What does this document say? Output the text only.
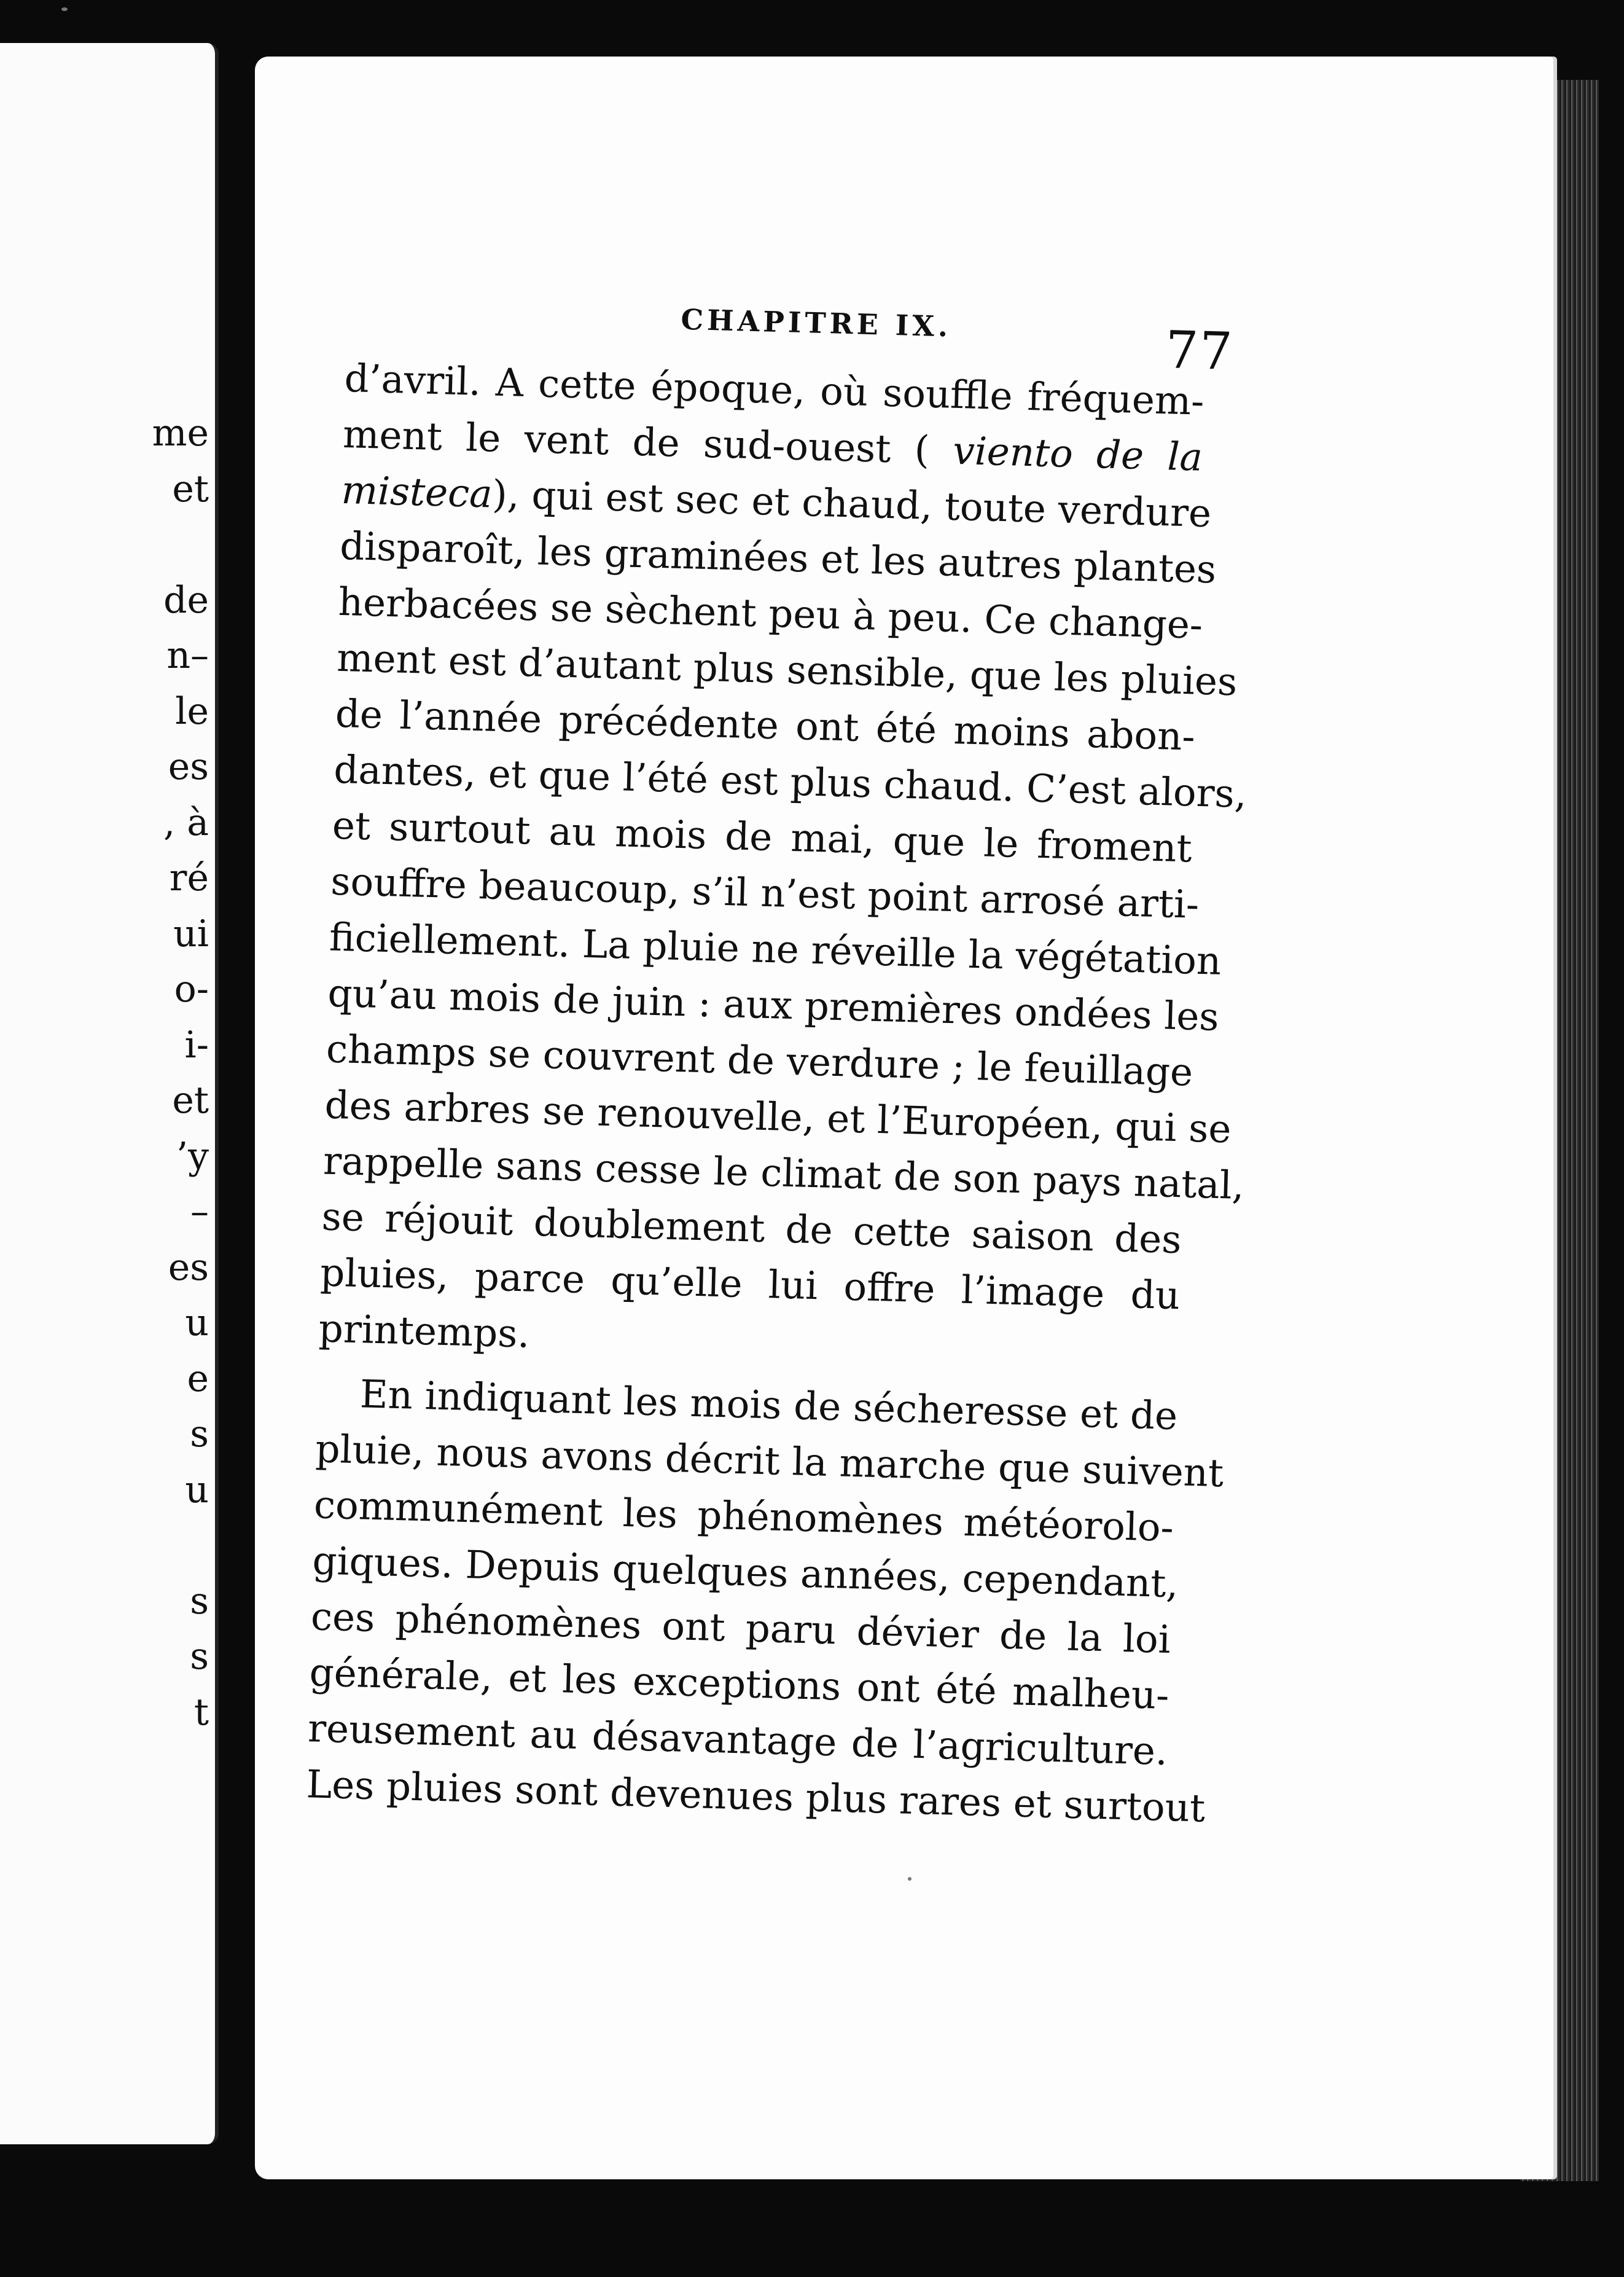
me
et
de
n–
le
es
, à
ré
ui
o-
i-
et
’y
–
es
u
e
s
u
s
s
t
CHAPITRE IX.	77
d’avril. A cette époque, où souffle fréquem-
ment le vent de sud-ouest ( viento de la
misteca), qui est sec et chaud, toute verdure
disparoît, les graminées et les autres plantes
herbacées se sèchent peu à peu. Ce change-
ment est d’autant plus sensible, que les pluies
de l’année précédente ont été moins abon-
dantes, et que l’été est plus chaud. C’est alors,
et surtout au mois de mai, que le froment
souffre beaucoup, s’il n’est point arrosé arti-
ficiellement. La pluie ne réveille la végétation
qu’au mois de juin : aux premières ondées les
champs se couvrent de verdure ; le feuillage
des arbres se renouvelle, et l’Européen, qui se
rappelle sans cesse le climat de son pays natal,
se réjouit doublement de cette saison des
pluies, parce qu’elle lui offre l’image du
printemps.
En indiquant les mois de sécheresse et de
pluie, nous avons décrit la marche que suivent
communément les phénomènes météorolo-
giques. Depuis quelques années, cependant,
ces phénomènes ont paru dévier de la loi
générale, et les exceptions ont été malheu-
reusement au désavantage de l’agriculture.
Les pluies sont devenues plus rares et surtout
